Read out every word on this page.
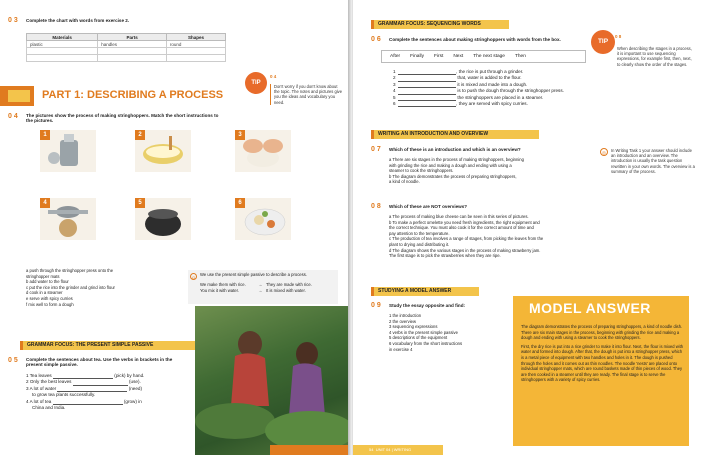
0 3 Complete the chart with words from exercise 2.
Materials	Parts	Shapes
plastic	handles	round

PART 1: DESCRIBING A PROCESS
TIP
0 4
Don't worry if you don't know about the topic. The notes and pictures give you the ideas and vocabulary you need.
0 4 The pictures show the process of making stringhoppers. Match the short instructions to the pictures.
1	2	3
4	5	6
a push through the stringhopper press onto the
stringhopper mats
b add water to the flour
c put the rice into the grinder and grind into flour
d cook in a steamer
e serve with spicy curries
f mix well to form a dough
G
We use the present simple passive to describe a process.
We make them with rice.	→ They are made with rice.
You mix it with water.	→ It is mixed with water.
GRAMMAR FOCUS: THE PRESENT SIMPLE PASSIVE
0 5 Complete the sentences about tea. Use the verbs in brackets in the present simple passive.
1 Tea leaves	(pick) by hand.
2 Only the best leaves	(use).
3 A lot of water	(need)
to grow tea plants successfully.
4 A lot of tea	(grow) in
China and India.
GRAMMAR FOCUS: SEQUENCING WORDS
0 6 Complete the sentences about making stringhoppers with words from the box.
After Finally First Next The next stage Then
1	, the rice is put through a grinder.
2	that, water is added to the flour.
3	it is mixed and made into a dough.
4	is to push the dough through the stringhopper press.
5	the stringhoppers are placed in a steamer.
6	, they are served with spicy curries.
TIP
0 8
When describing the stages in a process, it is important to use sequencing expressions, for example first, then, next, to clearly show the order of the stages.
WRITING AN INTRODUCTION AND OVERVIEW
0 7 Which of these is an introduction and which is an overview?
a There are six stages in the process of making stringhoppers, beginning
with grinding the rice and making a dough and ending with using a
steamer to cook the stringhoppers.
b The diagram demonstrates the process of preparing stringhoppers,
a kind of noodle.
◎	In Writing Task 1 your answer should include an introduction and an overview. The introduction is usually the task question rewritten in your own words. The overview is a summary of the process.
0 8 Which of these are NOT overviews?
a The process of making blue cheese can be seen in this series of pictures.
b To make a perfect omelette you need fresh ingredients, the right equipment and
the correct technique. You must also cook it for the correct amount of time and
pay attention to the temperature.
c The production of tea involves a range of stages, from picking the leaves from the
plant to drying and distributing it.
d The diagram shows the various stages in the process of making strawberry jam.
The first stage is to pick the strawberries when they are ripe.
STUDYING A MODEL ANSWER
0 9 Study the essay opposite and find:
1 the introduction
2 the overview
3 sequencing expressions
4 verbs in the present simple passive
5 descriptions of the equipment
6 vocabulary from the short instructions
in exercise 4
MODEL ANSWER

The diagram demonstrates the process of preparing stringhoppers, a kind of noodle dish. There are six main stages in the process, beginning with grinding the rice and making a dough and ending with using a steamer to cook the stringhoppers.

First, the dry rice is put into a rice grinder to make it into flour. Next, the flour is mixed with water and formed into dough. After that, the dough is put into a stringhopper press, which is a metal piece of equipment with two handles and holes in it. The dough is pushed through the holes and it comes out as thin noodles. The noodle 'nests' are placed onto individual stringhopper mats, which are round baskets made of thin pieces of wood. They are then cooked in a steamer until they are ready. The final stage is to serve the stringhoppers with a variety of spicy curries.

54 UNIT 04 | WRITING
